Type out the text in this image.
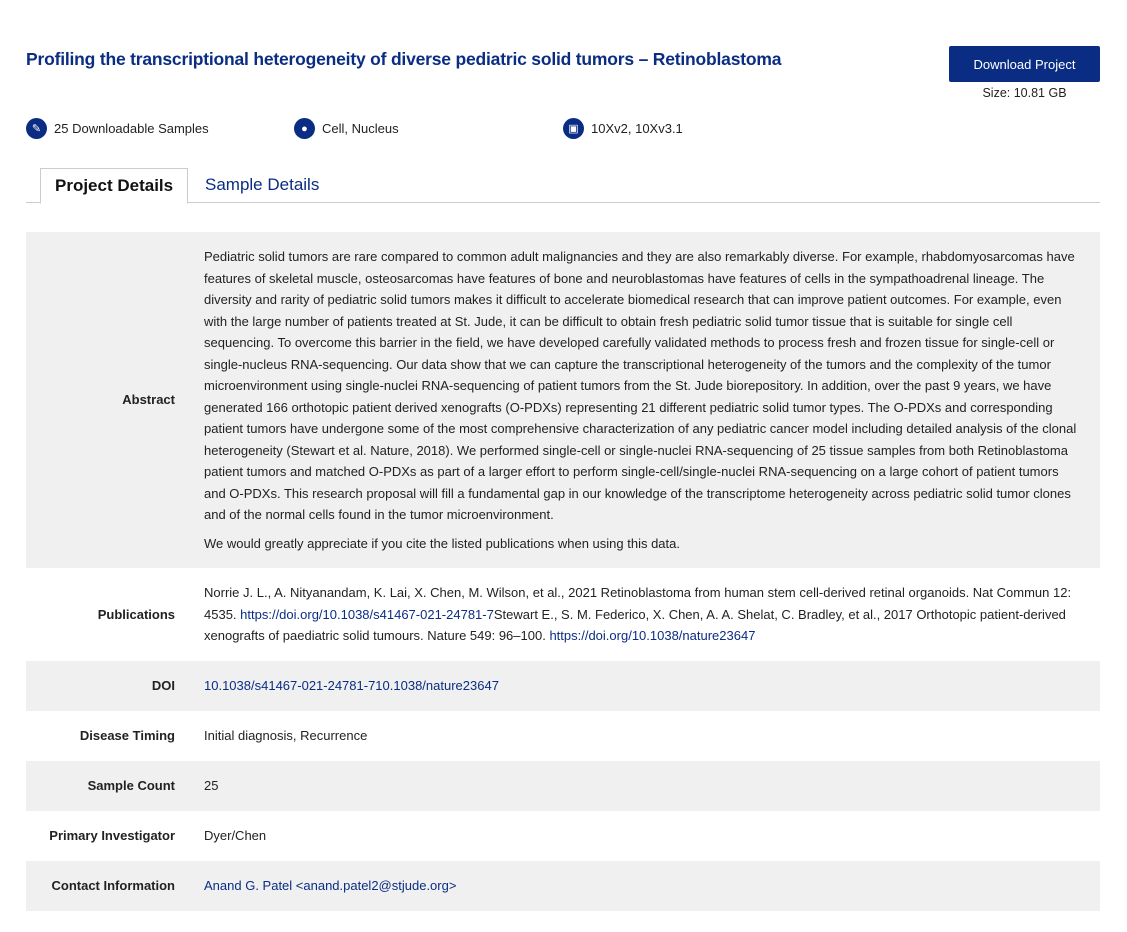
Profiling the transcriptional heterogeneity of diverse pediatric solid tumors – Retinoblastoma	Download Project
Size: 10.81 GB
✎ 25 Downloadable Samples	●	Cell, Nucleus	▣ 10Xv2, 10Xv3.1
Project Details	Sample Details
Abstract	Pediatric solid tumors are rare compared to common adult malignancies and they are also remarkably diverse. For example, rhabdomyosarcomas have features of skeletal muscle, osteosarcomas have features of bone and neuroblastomas have features of cells in the sympathoadrenal lineage. The diversity and rarity of pediatric solid tumors makes it difficult to accelerate biomedical research that can improve patient outcomes. For example, even with the large number of patients treated at St. Jude, it can be difficult to obtain fresh pediatric solid tumor tissue that is suitable for single cell sequencing. To overcome this barrier in the field, we have developed carefully validated methods to process fresh and frozen tissue for single-cell or single-nucleus RNA-sequencing. Our data show that we can capture the transcriptional heterogeneity of the tumors and the complexity of the tumor microenvironment using single-nuclei RNA-sequencing of patient tumors from the St. Jude biorepository. In addition, over the past 9 years, we have generated 166 orthotopic patient derived xenografts (O-PDXs) representing 21 different pediatric solid tumor types. The O-PDXs and corresponding patient tumors have undergone some of the most comprehensive characterization of any pediatric cancer model including detailed analysis of the clonal heterogeneity (Stewart et al. Nature, 2018). We performed single-cell or single-nuclei RNA-sequencing of 25 tissue samples from both Retinoblastoma patient tumors and matched O-PDXs as part of a larger effort to perform single-cell/single-nuclei RNA-sequencing on a large cohort of patient tumors and O-PDXs. This research proposal will fill a fundamental gap in our knowledge of the transcriptome heterogeneity across pediatric solid tumor clones and of the normal cells found in the tumor microenvironment.

We would greatly appreciate if you cite the listed publications when using this data.

Publications	Norrie J. L., A. Nityanandam, K. Lai, X. Chen, M. Wilson, et al., 2021 Retinoblastoma from human stem cell-derived retinal organoids. Nat Commun 12: 4535. https://doi.org/10.1038/s41467-021-24781-7Stewart E., S. M. Federico, X. Chen, A. A. Shelat, C. Bradley, et al., 2017 Orthotopic patient-derived xenografts of paediatric solid tumours. Nature 549: 96–100. https://doi.org/10.1038/nature23647
DOI	10.1038/s41467-021-24781-710.1038/nature23647
Disease Timing	Initial diagnosis, Recurrence
Sample Count	25
Primary Investigator	Dyer/Chen
Contact Information	Anand G. Patel <anand.patel2@stjude.org>
